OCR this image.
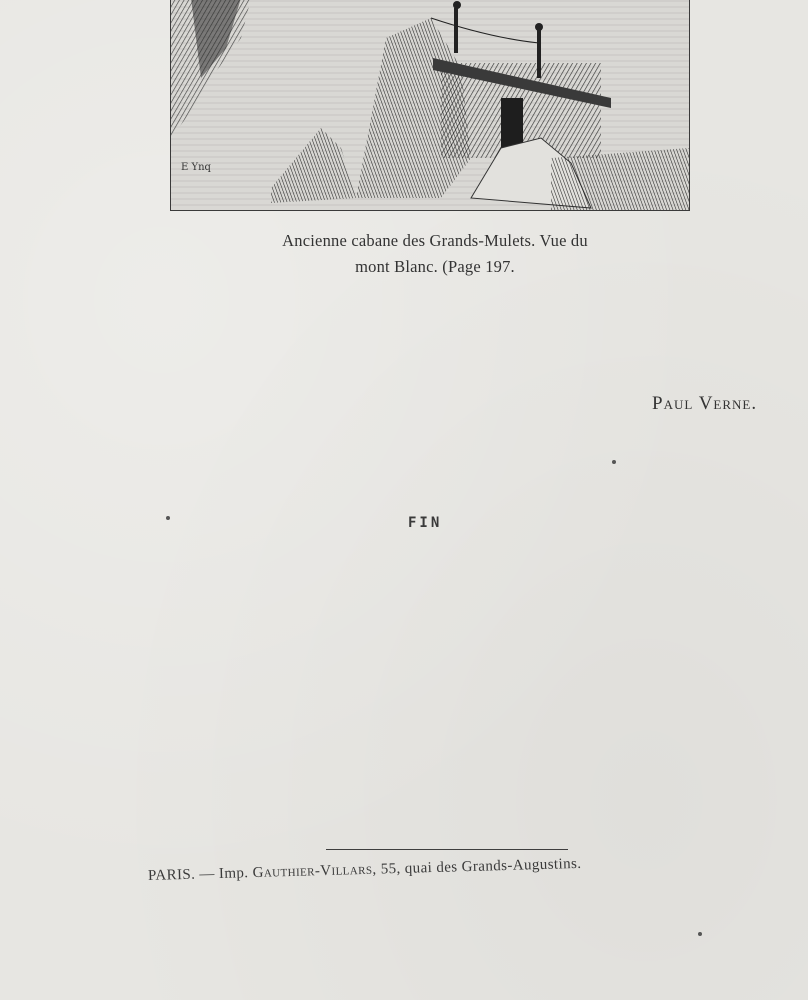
E Ynq
Ancienne cabane des Grands-Mulets. Vue du
mont Blanc. (Page 197.
Paul Verne.
FIN
PARIS. — Imp. Gauthier-Villars, 55, quai des Grands-Augustins.
